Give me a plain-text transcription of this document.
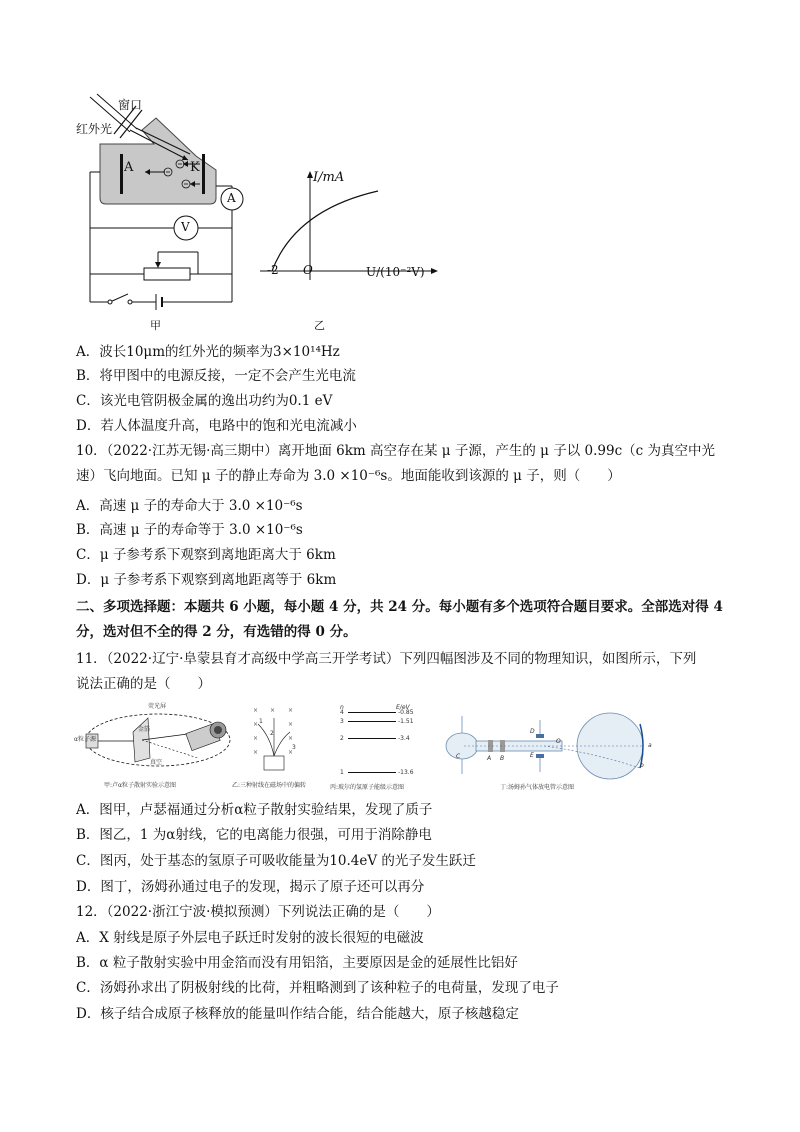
窗口
红外光
A	K
A
V
甲
I/mA
-2 O	U/(10⁻²V)
乙
A．波长10μm的红外光的频率为3×10¹⁴Hz
B．将甲图中的电源反接，一定不会产生光电流
C．该光电管阴极金属的逸出功约为0.1 eV
D．若人体温度升高，电路中的饱和光电流减小
10．（2022·江苏无锡·高三期中）离开地面 6km 高空存在某 μ 子源，产生的 μ 子以 0.99c（c 为真空中光
速）飞向地面。已知 μ 子的静止寿命为 3.0 ×10⁻⁶s。地面能收到该源的 μ 子，则（　　）
A．高速 μ 子的寿命大于 3.0 ×10⁻⁶s
B．高速 μ 子的寿命等于 3.0 ×10⁻⁶s
C．μ 子参考系下观察到离地距离大于 6km
D．μ 子参考系下观察到离地距离等于 6km
二、多项选择题：本题共 6 小题，每小题 4 分，共 24 分。每小题有多个选项符合题目要求。全部选对得 4
分，选对但不全的得 2 分，有选错的得 0 分。
11．（2022·辽宁·阜蒙县育才高级中学高三开学考试）下列四幅图涉及不同的物理知识，如图所示，下列
说法正确的是（　　）
荧光屏
α粒子源
金箔
真空
甲:卢α粒子散射实验示意图
× × ×
×	×
×	×
×	×
1
2
3
乙:三种射线在磁场中的偏转
n	E/eV
4	-0.85
3	-1.51
2	-3.4
1	-13.6
丙:玻尔的氢原子能级示意图
C	A B
D
E
O
a
b
丁:汤姆孙气体放电管示意图
A．图甲，卢瑟福通过分析α粒子散射实验结果，发现了质子
B．图乙，1 为α射线，它的电离能力很强，可用于消除静电
C．图丙，处于基态的氢原子可吸收能量为10.4eV 的光子发生跃迁
D．图丁，汤姆孙通过电子的发现，揭示了原子还可以再分
12．（2022·浙江宁波·模拟预测）下列说法正确的是（　　）
A．X 射线是原子外层电子跃迁时发射的波长很短的电磁波
B．α 粒子散射实验中用金箔而没有用铝箔，主要原因是金的延展性比铝好
C．汤姆孙求出了阴极射线的比荷，并粗略测到了该种粒子的电荷量，发现了电子
D．核子结合成原子核释放的能量叫作结合能，结合能越大，原子核越稳定
